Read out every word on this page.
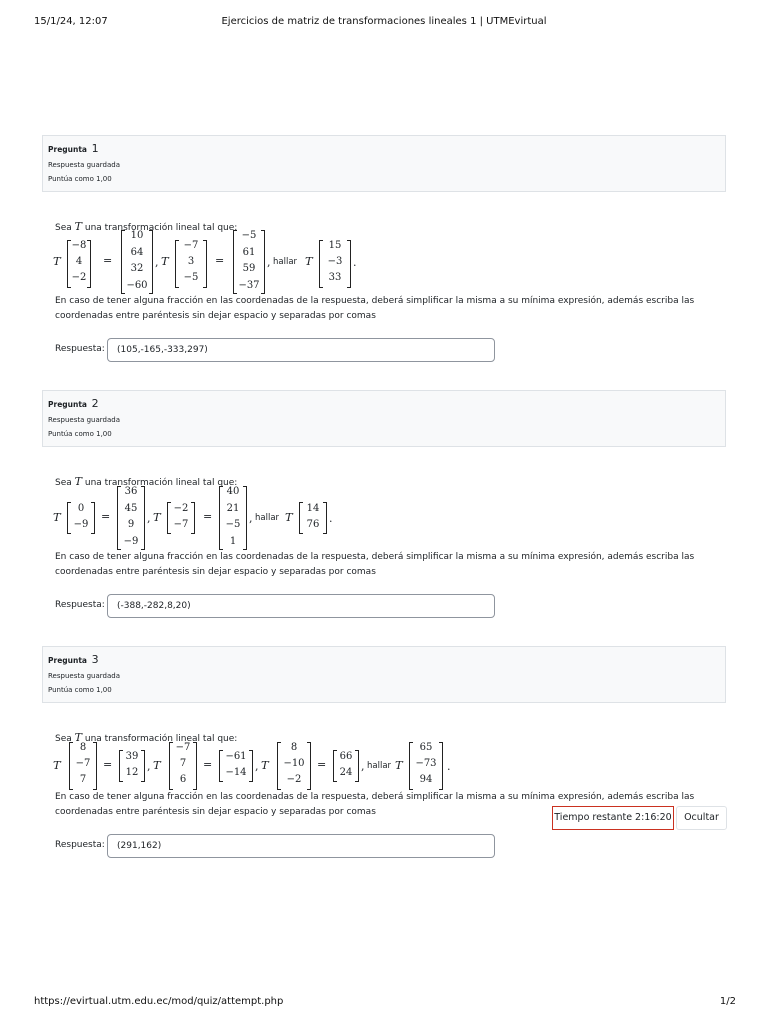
15/1/24, 12:07	Ejercicios de matriz de transformaciones lineales 1 | UTMEvirtual
Pregunta 1
Respuesta guardada
Puntúa como 1,00
Sea T una transformación lineal tal que:
T
−8
4
−2
=
10
64
32
−60
, T
−7
3
−5
=
−5
61
59
−37
, hallar T
15
−3
33
.
En caso de tener alguna fracción en las coordenadas de la respuesta, deberá simplificar la misma a su mínima expresión, además escriba las
coordenadas entre paréntesis sin dejar espacio y separadas por comas
Respuesta:	(105,-165,-333,297)
Pregunta 2
Respuesta guardada
Puntúa como 1,00
Sea T una transformación lineal tal que:
T
0
−9
=
36
45
9
−9
, T
−2
−7
=
40
21
−5
1
, hallar T
14
76 .
En caso de tener alguna fracción en las coordenadas de la respuesta, deberá simplificar la misma a su mínima expresión, además escriba las
coordenadas entre paréntesis sin dejar espacio y separadas por comas
Respuesta:	(-388,-282,8,20)
Pregunta 3
Respuesta guardada
Puntúa como 1,00
Sea T una transformación lineal tal que:
T
8
−7
7
=
39
12 , T
−7
7
6
=
−61
−14 , T
8
−10
−2
=
66
24 , hallar T
65
−73
94
.
En caso de tener alguna fracción en las coordenadas de la respuesta, deberá simplificar la misma a su mínima expresión, además escriba las
coordenadas entre paréntesis sin dejar espacio y separadas por comas
Respuesta:	(291,162)
Tiempo restante 2:16:20	Ocultar
https://evirtual.utm.edu.ec/mod/quiz/attempt.php	1/2
